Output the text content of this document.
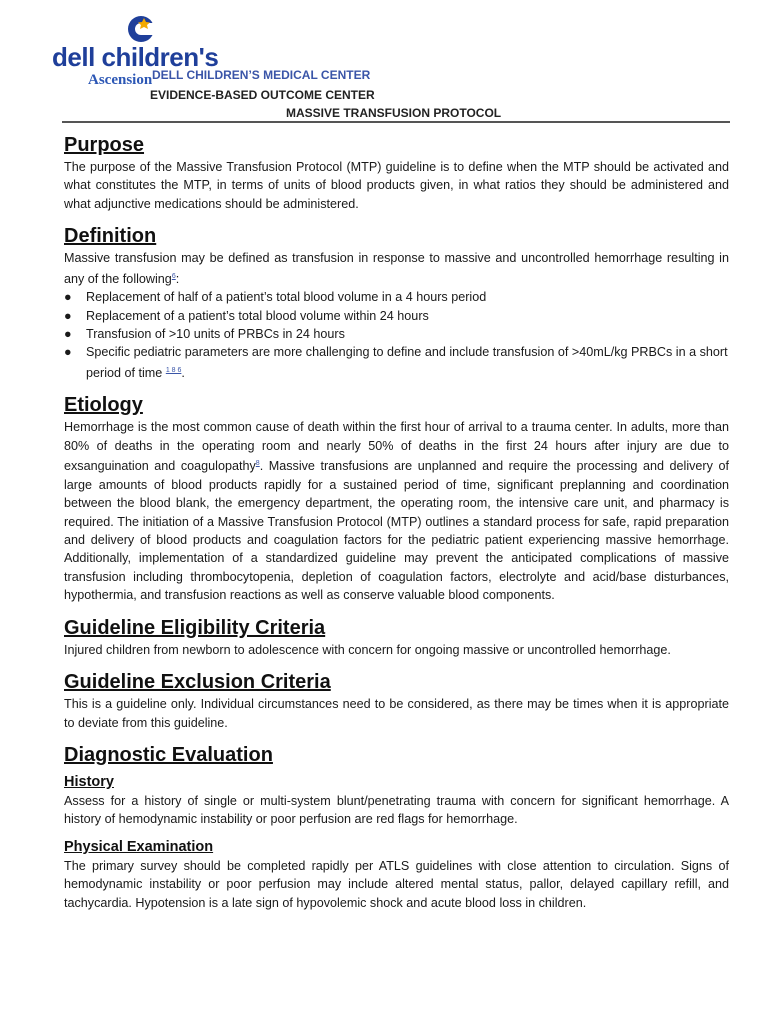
dell children's
Ascension DELL CHILDREN’S MEDICAL CENTER
EVIDENCE-BASED OUTCOME CENTER
MASSIVE TRANSFUSION PROTOCOL
Purpose

The purpose of the Massive Transfusion Protocol (MTP) guideline is to define when the MTP should be activated and what constitutes the MTP, in terms of units of blood products given, in what ratios they should be administered and what adjunctive medications should be administered.

Definition

Massive transfusion may be defined as transfusion in response to massive and uncontrolled hemorrhage resulting in any of the following$^6$:

● Replacement of half of a patient’s total blood volume in a 4 hours period
● Replacement of a patient’s total blood volume within 24 hours
● Transfusion of >10 units of PRBCs in 24 hours
● Specific pediatric parameters are more challenging to define and include transfusion of >40mL/kg PRBCs in a short period of time $^{1 8 6}$.
Etiology

Hemorrhage is the most common cause of death within the first hour of arrival to a trauma center. In adults, more than 80% of deaths in the operating room and nearly 50% of deaths in the first 24 hours after injury are due to exsanguination and coagulopathy$^8$. Massive transfusions are unplanned and require the processing and delivery of large amounts of blood products rapidly for a sustained period of time, significant preplanning and coordination between the blood blank, the emergency department, the operating room, the intensive care unit, and pharmacy is required. The initiation of a Massive Transfusion Protocol (MTP) outlines a standard process for safe, rapid preparation and delivery of blood products and coagulation factors for the pediatric patient experiencing massive hemorrhage. Additionally, implementation of a standardized guideline may prevent the anticipated complications of massive transfusion including thrombocytopenia, depletion of coagulation factors, electrolyte and acid/base disturbances, hypothermia, and transfusion reactions as well as conserve valuable blood components.

Guideline Eligibility Criteria

Injured children from newborn to adolescence with concern for ongoing massive or uncontrolled hemorrhage.

Guideline Exclusion Criteria

This is a guideline only. Individual circumstances need to be considered, as there may be times when it is appropriate to deviate from this guideline.

Diagnostic Evaluation
History

Assess for a history of single or multi-system blunt/penetrating trauma with concern for significant hemorrhage. A history of hemodynamic instability or poor perfusion are red flags for hemorrhage.

Physical Examination

The primary survey should be completed rapidly per ATLS guidelines with close attention to circulation. Signs of hemodynamic instability or poor perfusion may include altered mental status, pallor, delayed capillary refill, and tachycardia. Hypotension is a late sign of hypovolemic shock and acute blood loss in children.
